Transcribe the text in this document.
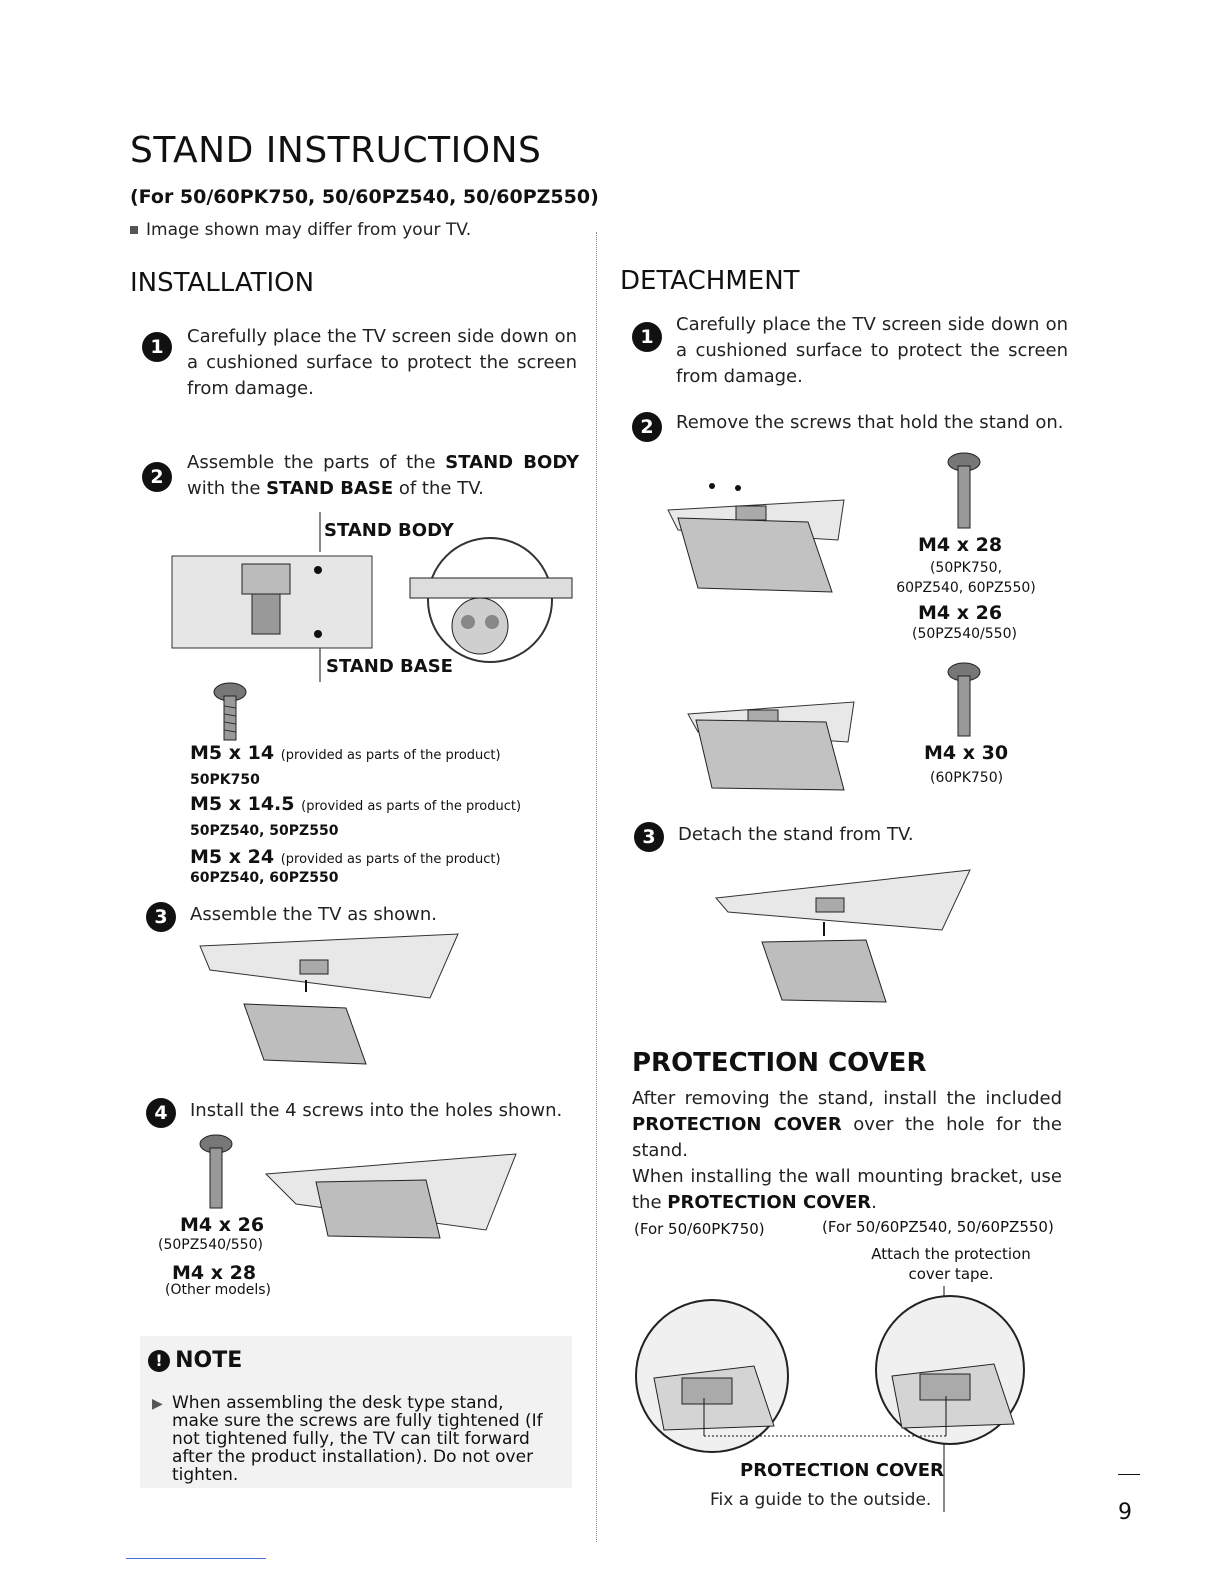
STAND INSTRUCTIONS
(For 50/60PK750, 50/60PZ540, 50/60PZ550)
Image shown may differ from your TV.
INSTALLATION
1	Carefully place the TV screen side down on a cushioned surface to protect the screen from damage.
2
Assemble the parts of the STAND BODY with the STAND BASE of the TV.
STAND BODY
STAND BASE
M5 x 14 (provided as parts of the product)
50PK750
M5 x 14.5 (provided as parts of the product)
50PZ540, 50PZ550
M5 x 24 (provided as parts of the product)
60PZ540, 60PZ550
3	Assemble the TV as shown.
4	Install the 4 screws into the holes shown.
M4 x 26
(50PZ540/550)
M4 x 28
(Other models)
! NOTE
▶ When assembling the desk type stand, make sure the screws are fully tightened (If not tightened fully, the TV can tilt forward after the product installation). Do not over tighten.
DETACHMENT
1
Carefully place the TV screen side down on a cushioned surface to protect the screen from damage.
2	Remove the screws that hold the stand on.
M4 x 28
(50PK750, 60PZ540, 60PZ550)
M4 x 26
(50PZ540/550)
M4 x 30
(60PK750)
3	Detach the stand from TV.
PROTECTION COVER
After removing the stand, install the included PROTECTION COVER over the hole for the stand.
When installing the wall mounting bracket, use the PROTECTION COVER.
(For 50/60PK750)	(For 50/60PZ540, 50/60PZ550)
Attach the protection cover tape.
PROTECTION COVER
Fix a guide to the outside.	9
